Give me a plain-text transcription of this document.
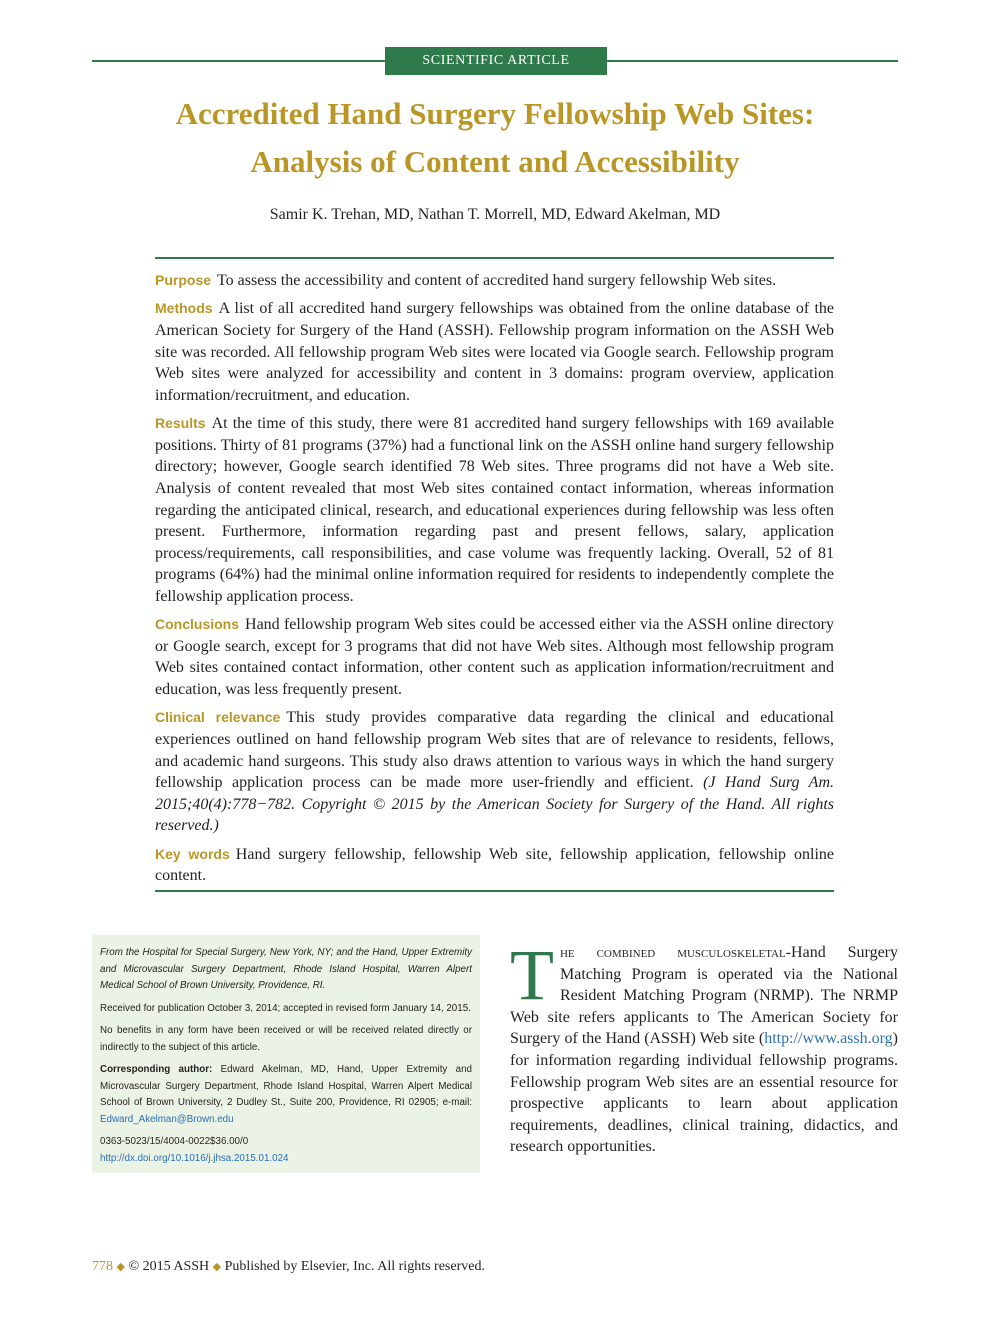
SCIENTIFIC ARTICLE
Accredited Hand Surgery Fellowship Web Sites:
Analysis of Content and Accessibility
Samir K. Trehan, MD, Nathan T. Morrell, MD, Edward Akelman, MD

Purpose To assess the accessibility and content of accredited hand surgery fellowship Web sites.

Methods A list of all accredited hand surgery fellowships was obtained from the online database of the American Society for Surgery of the Hand (ASSH). Fellowship program information on the ASSH Web site was recorded. All fellowship program Web sites were located via Google search. Fellowship program Web sites were analyzed for accessibility and content in 3 domains: program overview, application information/recruitment, and education.

Results At the time of this study, there were 81 accredited hand surgery fellowships with 169 available positions. Thirty of 81 programs (37%) had a functional link on the ASSH online hand surgery fellowship directory; however, Google search identified 78 Web sites. Three programs did not have a Web site. Analysis of content revealed that most Web sites contained contact information, whereas information regarding the anticipated clinical, research, and educational experiences during fellowship was less often present. Furthermore, information regarding past and present fellows, salary, application process/requirements, call responsibilities, and case volume was frequently lacking. Overall, 52 of 81 programs (64%) had the minimal online information required for residents to independently complete the fellowship application process.

Conclusions Hand fellowship program Web sites could be accessed either via the ASSH online directory or Google search, except for 3 programs that did not have Web sites. Although most fellowship program Web sites contained contact information, other content such as application information/recruitment and education, was less frequently present.

Clinical relevance This study provides comparative data regarding the clinical and educational experiences outlined on hand fellowship program Web sites that are of relevance to residents, fellows, and academic hand surgeons. This study also draws attention to various ways in which the hand surgery fellowship application process can be made more user-friendly and efficient. (J Hand Surg Am. 2015;40(4):778−782. Copyright © 2015 by the American Society for Surgery of the Hand. All rights reserved.)

Key words Hand surgery fellowship, fellowship Web site, fellowship application, fellowship online content.

From the Hospital for Special Surgery, New York, NY; and the Hand, Upper Extremity and Microvascular Surgery Department, Rhode Island Hospital, Warren Alpert Medical School of Brown University, Providence, RI.

Received for publication October 3, 2014; accepted in revised form January 14, 2015.

No benefits in any form have been received or will be received related directly or indirectly to the subject of this article.

Corresponding author: Edward Akelman, MD, Hand, Upper Extremity and Microvascular Surgery Department, Rhode Island Hospital, Warren Alpert Medical School of Brown University, 2 Dudley St., Suite 200, Providence, RI 02905; e-mail: Edward_Akelman@Brown.edu

0363-5023/15/4004-0022$36.00/0
http://dx.doi.org/10.1016/j.jhsa.2015.01.024

The combined musculoskeletal-Hand Surgery Matching Program is operated via the National Resident Matching Program (NRMP). The NRMP Web site refers applicants to The American Society for Surgery of the Hand (ASSH) Web site (http://www.assh.org) for information regarding individual fellowship programs. Fellowship program Web sites are an essential resource for prospective applicants to learn about application requirements, deadlines, clinical training, didactics, and research opportunities.
778 ◆ © 2015 ASSH ◆ Published by Elsevier, Inc. All rights reserved.
